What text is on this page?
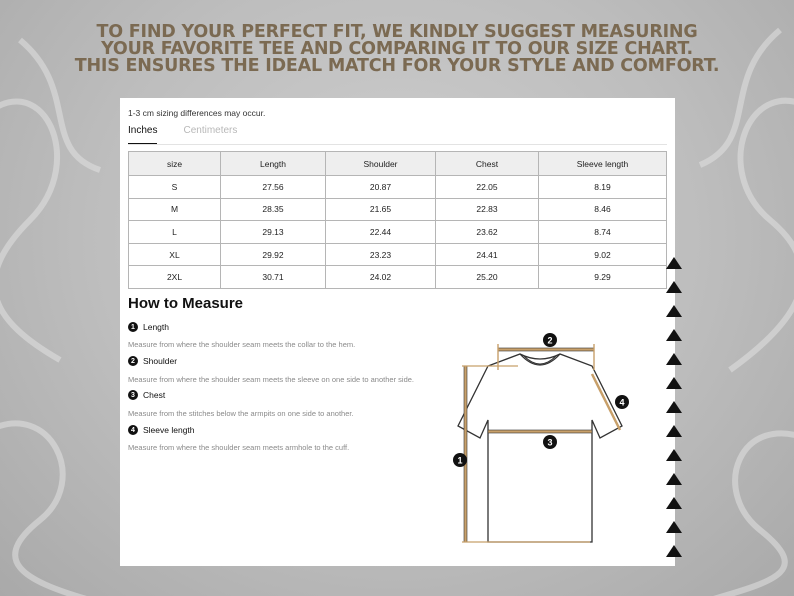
TO FIND YOUR PERFECT FIT, WE KINDLY SUGGEST MEASURING
YOUR FAVORITE TEE AND COMPARING IT TO OUR SIZE CHART.
THIS ENSURES THE IDEAL MATCH FOR YOUR STYLE AND COMFORT.
1-3 cm sizing differences may occur.
Inches	Centimeters
size	Length	Shoulder	Chest	Sleeve length
S	27.56	20.87	22.05	8.19
M	28.35	21.65	22.83	8.46
L	29.13	22.44	23.62	8.74
XL	29.92	23.23	24.41	9.02
2XL	30.71	24.02	25.20	9.29
How to Measure
1 Length
Measure from where the shoulder seam meets the collar to the hem.
2 Shoulder
Measure from where the shoulder seam meets the sleeve on one side to another side.
3 Chest
Measure from the stitches below the armpits on one side to another.
4 Sleeve length
Measure from where the shoulder seam meets armhole to the cuff.
2
3
1
4
